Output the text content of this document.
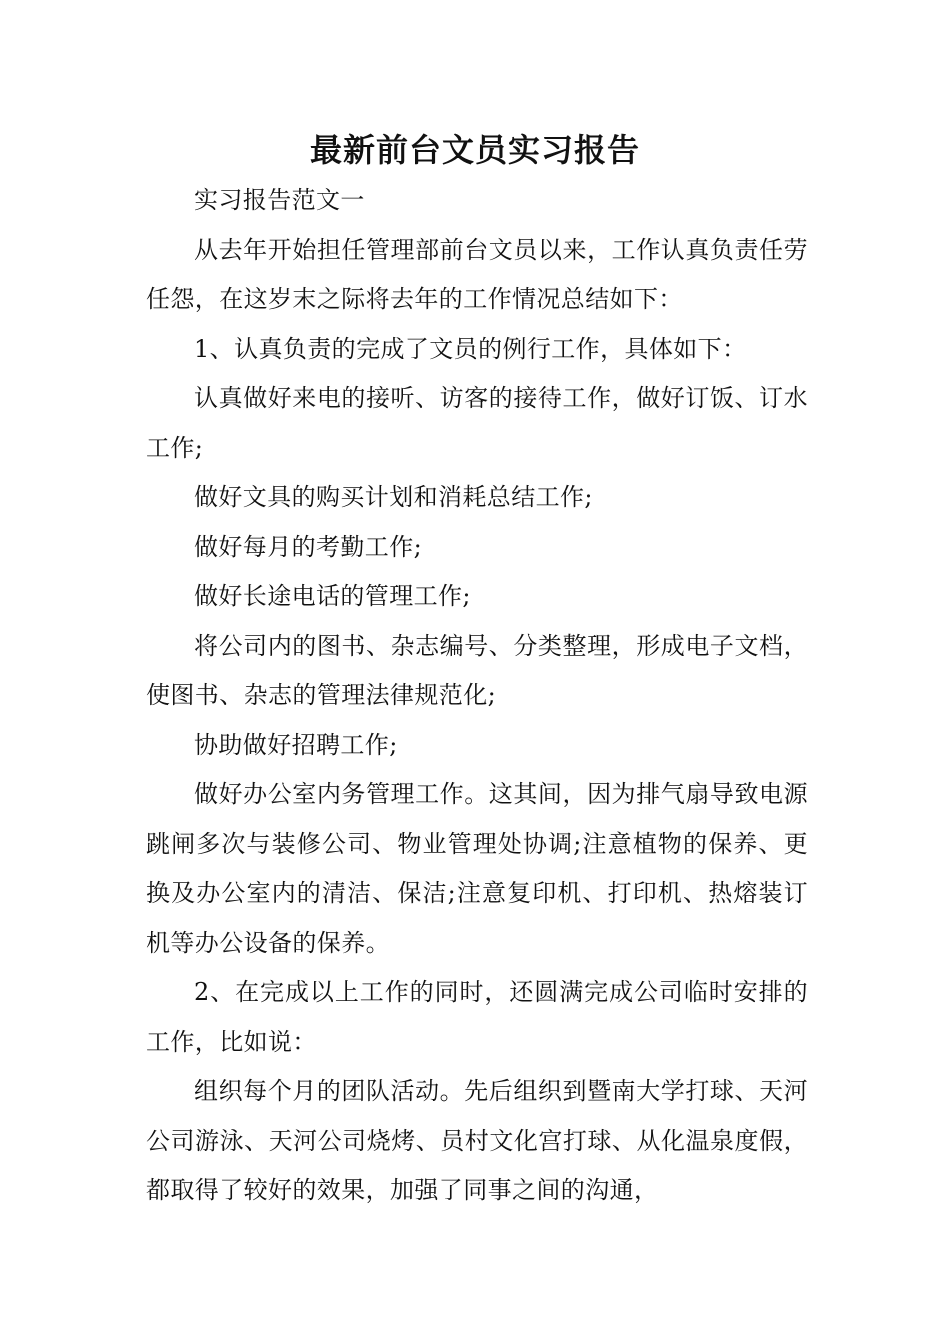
最新前台文员实习报告

实习报告范文一

从去年开始担任管理部前台文员以来，工作认真负责任劳任怨，在这岁末之际将去年的工作情况总结如下：

1、认真负责的完成了文员的例行工作，具体如下：

认真做好来电的接听、访客的接待工作，做好订饭、订水工作;

做好文具的购买计划和消耗总结工作;

做好每月的考勤工作;

做好长途电话的管理工作;

将公司内的图书、杂志编号、分类整理，形成电子文档，使图书、杂志的管理法律规范化;

协助做好招聘工作;

做好办公室内务管理工作。这其间，因为排气扇导致电源跳闸多次与装修公司、物业管理处协调;注意植物的保养、更换及办公室内的清洁、保洁;注意复印机、打印机、热熔装订机等办公设备的保养。

2、在完成以上工作的同时，还圆满完成公司临时安排的工作，比如说：

组织每个月的团队活动。先后组织到暨南大学打球、天河公司游泳、天河公司烧烤、员村文化宫打球、从化温泉度假，都取得了较好的效果，加强了同事之间的沟通，
